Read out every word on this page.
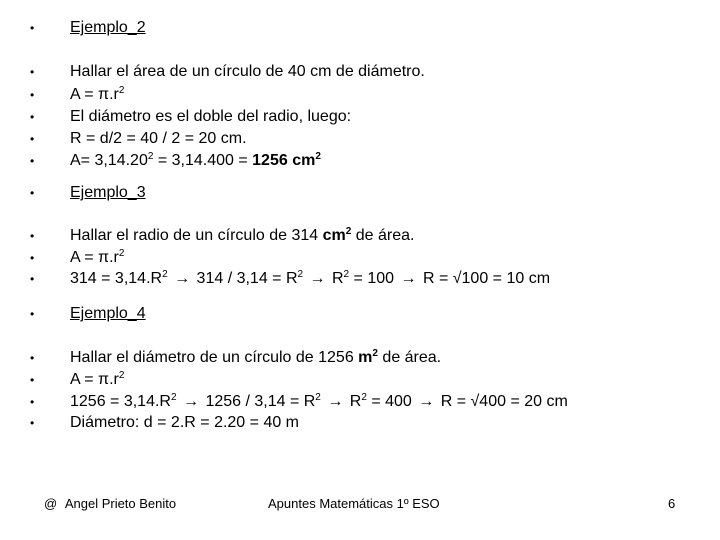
•	Ejemplo_2
•	Hallar el área de un círculo de 40 cm de diámetro.
•	$A = \pi.r^2$
•	El diámetro es el doble del radio, luego:
•	R = d/2 = 40 / 2 = 20 cm.
•	$A= 3,14.20^2 = 3,14.400 = 1256$ $cm^2$
•	Ejemplo_3
•	Hallar el radio de un círculo de 314 $cm^2$ de área.
•	$A = \pi.r^2$
•	$314 = 3,14.R^2 \to 314 / 3,14 = R^2 \to R^2 = 100 \to R = √100 = 10$ cm
•	Ejemplo_4
•	Hallar el diámetro de un círculo de 1256 $m^2$ de área.
•	$A = \pi.r^2$
•	$1256 = 3,14.R^2 \to 1256 / 3,14 = R^2 \to R^2 = 400 \to R = √400 = 20$ cm
•	Diámetro: d = 2.R = 2.20 = 40 m
@ Angel Prieto Benito	Apuntes Matemáticas 1º ESO	6
